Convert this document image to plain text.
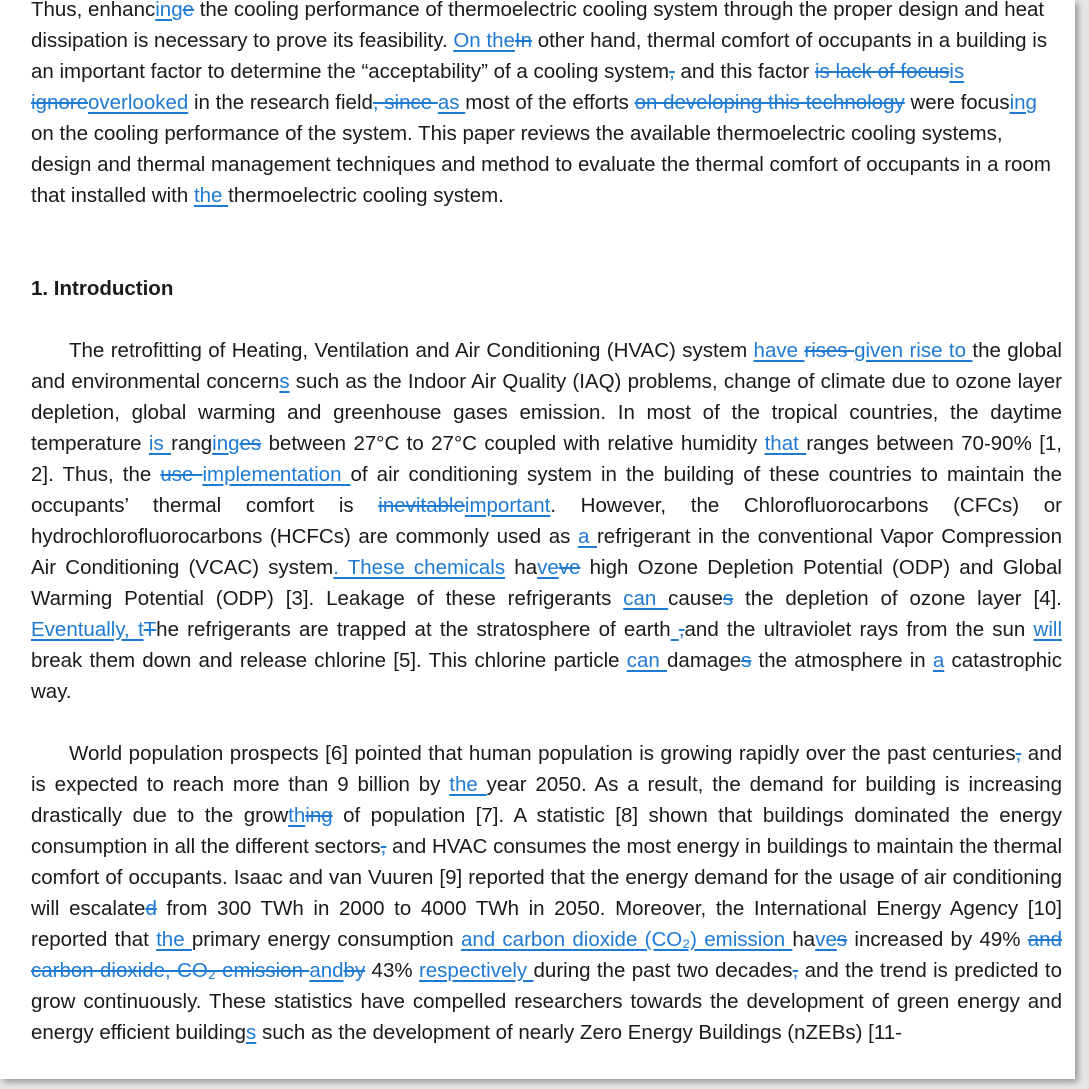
Thus, enhancinge the cooling performance of thermoelectric cooling system through the proper design and heat dissipation is necessary to prove its feasibility. On theIn other hand, thermal comfort of occupants in a building is an important factor to determine the “acceptability” of a cooling system, and this factor is lack of focusis ignoreoverlooked in the research field, since as most of the efforts on developing this technology were focusing on the cooling performance of the system. This paper reviews the available thermoelectric cooling systems, design and thermal management techniques and method to evaluate the thermal comfort of occupants in a room that installed with the thermoelectric cooling system.

1. Introduction

The retrofitting of Heating, Ventilation and Air Conditioning (HVAC) system have rises given rise to the global and environmental concerns such as the Indoor Air Quality (IAQ) problems, change of climate due to ozone layer depletion, global warming and greenhouse gases emission. In most of the tropical countries, the daytime temperature is ranginges between 27°C to 27°C coupled with relative humidity that ranges between 70-90% [1, 2]. Thus, the use implementation of air conditioning system in the building of these countries to maintain the occupants’ thermal comfort is inevitableimportant. However, the Chlorofluorocarbons (CFCs) or hydrochlorofluorocarbons (HCFCs) are commonly used as a refrigerant in the conventional Vapor Compression Air Conditioning (VCAC) system. These chemicals haveve high Ozone Depletion Potential (ODP) and Global Warming Potential (ODP) [3]. Leakage of these refrigerants can causes the depletion of ozone layer [4]. Eventually, tThe refrigerants are trapped at the stratosphere of earth ,and the ultraviolet rays from the sun will break them down and release chlorine [5]. This chlorine particle can damages the atmosphere in a catastrophic way.

World population prospects [6] pointed that human population is growing rapidly over the past centuries, and is expected to reach more than 9 billion by the year 2050. As a result, the demand for building is increasing drastically due to the growthing of population [7]. A statistic [8] shown that buildings dominated the energy consumption in all the different sectors, and HVAC consumes the most energy in buildings to maintain the thermal comfort of occupants. Isaac and van Vuuren [9] reported that the energy demand for the usage of air conditioning will escalated from 300 TWh in 2000 to 4000 TWh in 2050. Moreover, the International Energy Agency [10] reported that the primary energy consumption and carbon dioxide (CO₂) emission haves increased by 49% and carbon dioxide, CO₂ emission andby 43% respectively during the past two decades, and the trend is predicted to grow continuously. These statistics have compelled researchers towards the development of green energy and energy efficient buildings such as the development of nearly Zero Energy Buildings (nZEBs) [11-
